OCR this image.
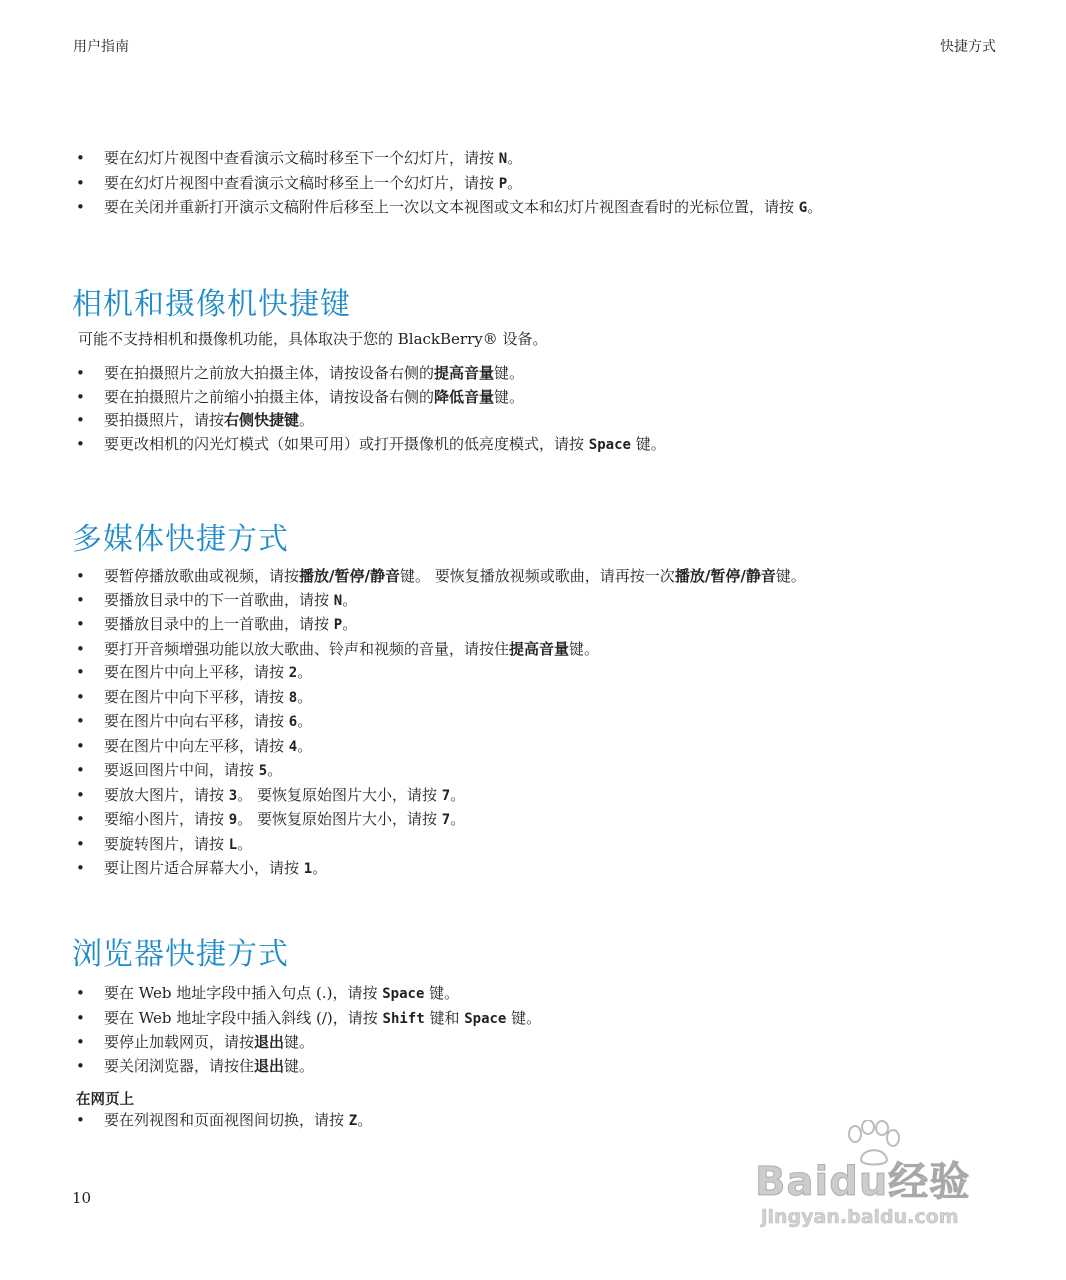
用户指南	快捷方式
• 要在幻灯片视图中查看演示文稿时移至下一个幻灯片，请按 N。
• 要在幻灯片视图中查看演示文稿时移至上一个幻灯片，请按 P。
• 要在关闭并重新打开演示文稿附件后移至上一次以文本视图或文本和幻灯片视图查看时的光标位置，请按 G。
相机和摄像机快捷键
可能不支持相机和摄像机功能，具体取决于您的 BlackBerry® 设备。
• 要在拍摄照片之前放大拍摄主体，请按设备右侧的提高音量键。
• 要在拍摄照片之前缩小拍摄主体，请按设备右侧的降低音量键。
• 要拍摄照片，请按右侧快捷键。
• 要更改相机的闪光灯模式（如果可用）或打开摄像机的低亮度模式，请按 Space 键。
多媒体快捷方式
• 要暂停播放歌曲或视频，请按播放/暂停/静音键。 要恢复播放视频或歌曲，请再按一次播放/暂停/静音键。
• 要播放目录中的下一首歌曲，请按 N。
• 要播放目录中的上一首歌曲，请按 P。
• 要打开音频增强功能以放大歌曲、铃声和视频的音量，请按住提高音量键。
• 要在图片中向上平移，请按 2。
• 要在图片中向下平移，请按 8。
• 要在图片中向右平移，请按 6。
• 要在图片中向左平移，请按 4。
• 要返回图片中间，请按 5。
• 要放大图片，请按 3。 要恢复原始图片大小，请按 7。
• 要缩小图片，请按 9。 要恢复原始图片大小，请按 7。
• 要旋转图片，请按 L。
• 要让图片适合屏幕大小，请按 1。
浏览器快捷方式
• 要在 Web 地址字段中插入句点 (.)，请按 Space 键。
• 要在 Web 地址字段中插入斜线 (/)，请按 Shift 键和 Space 键。
• 要停止加载网页，请按退出键。
• 要关闭浏览器，请按住退出键。
在网页上
• 要在列视图和页面视图间切换，请按 Z。
10	Baidu经验
jingyan.baidu.com
